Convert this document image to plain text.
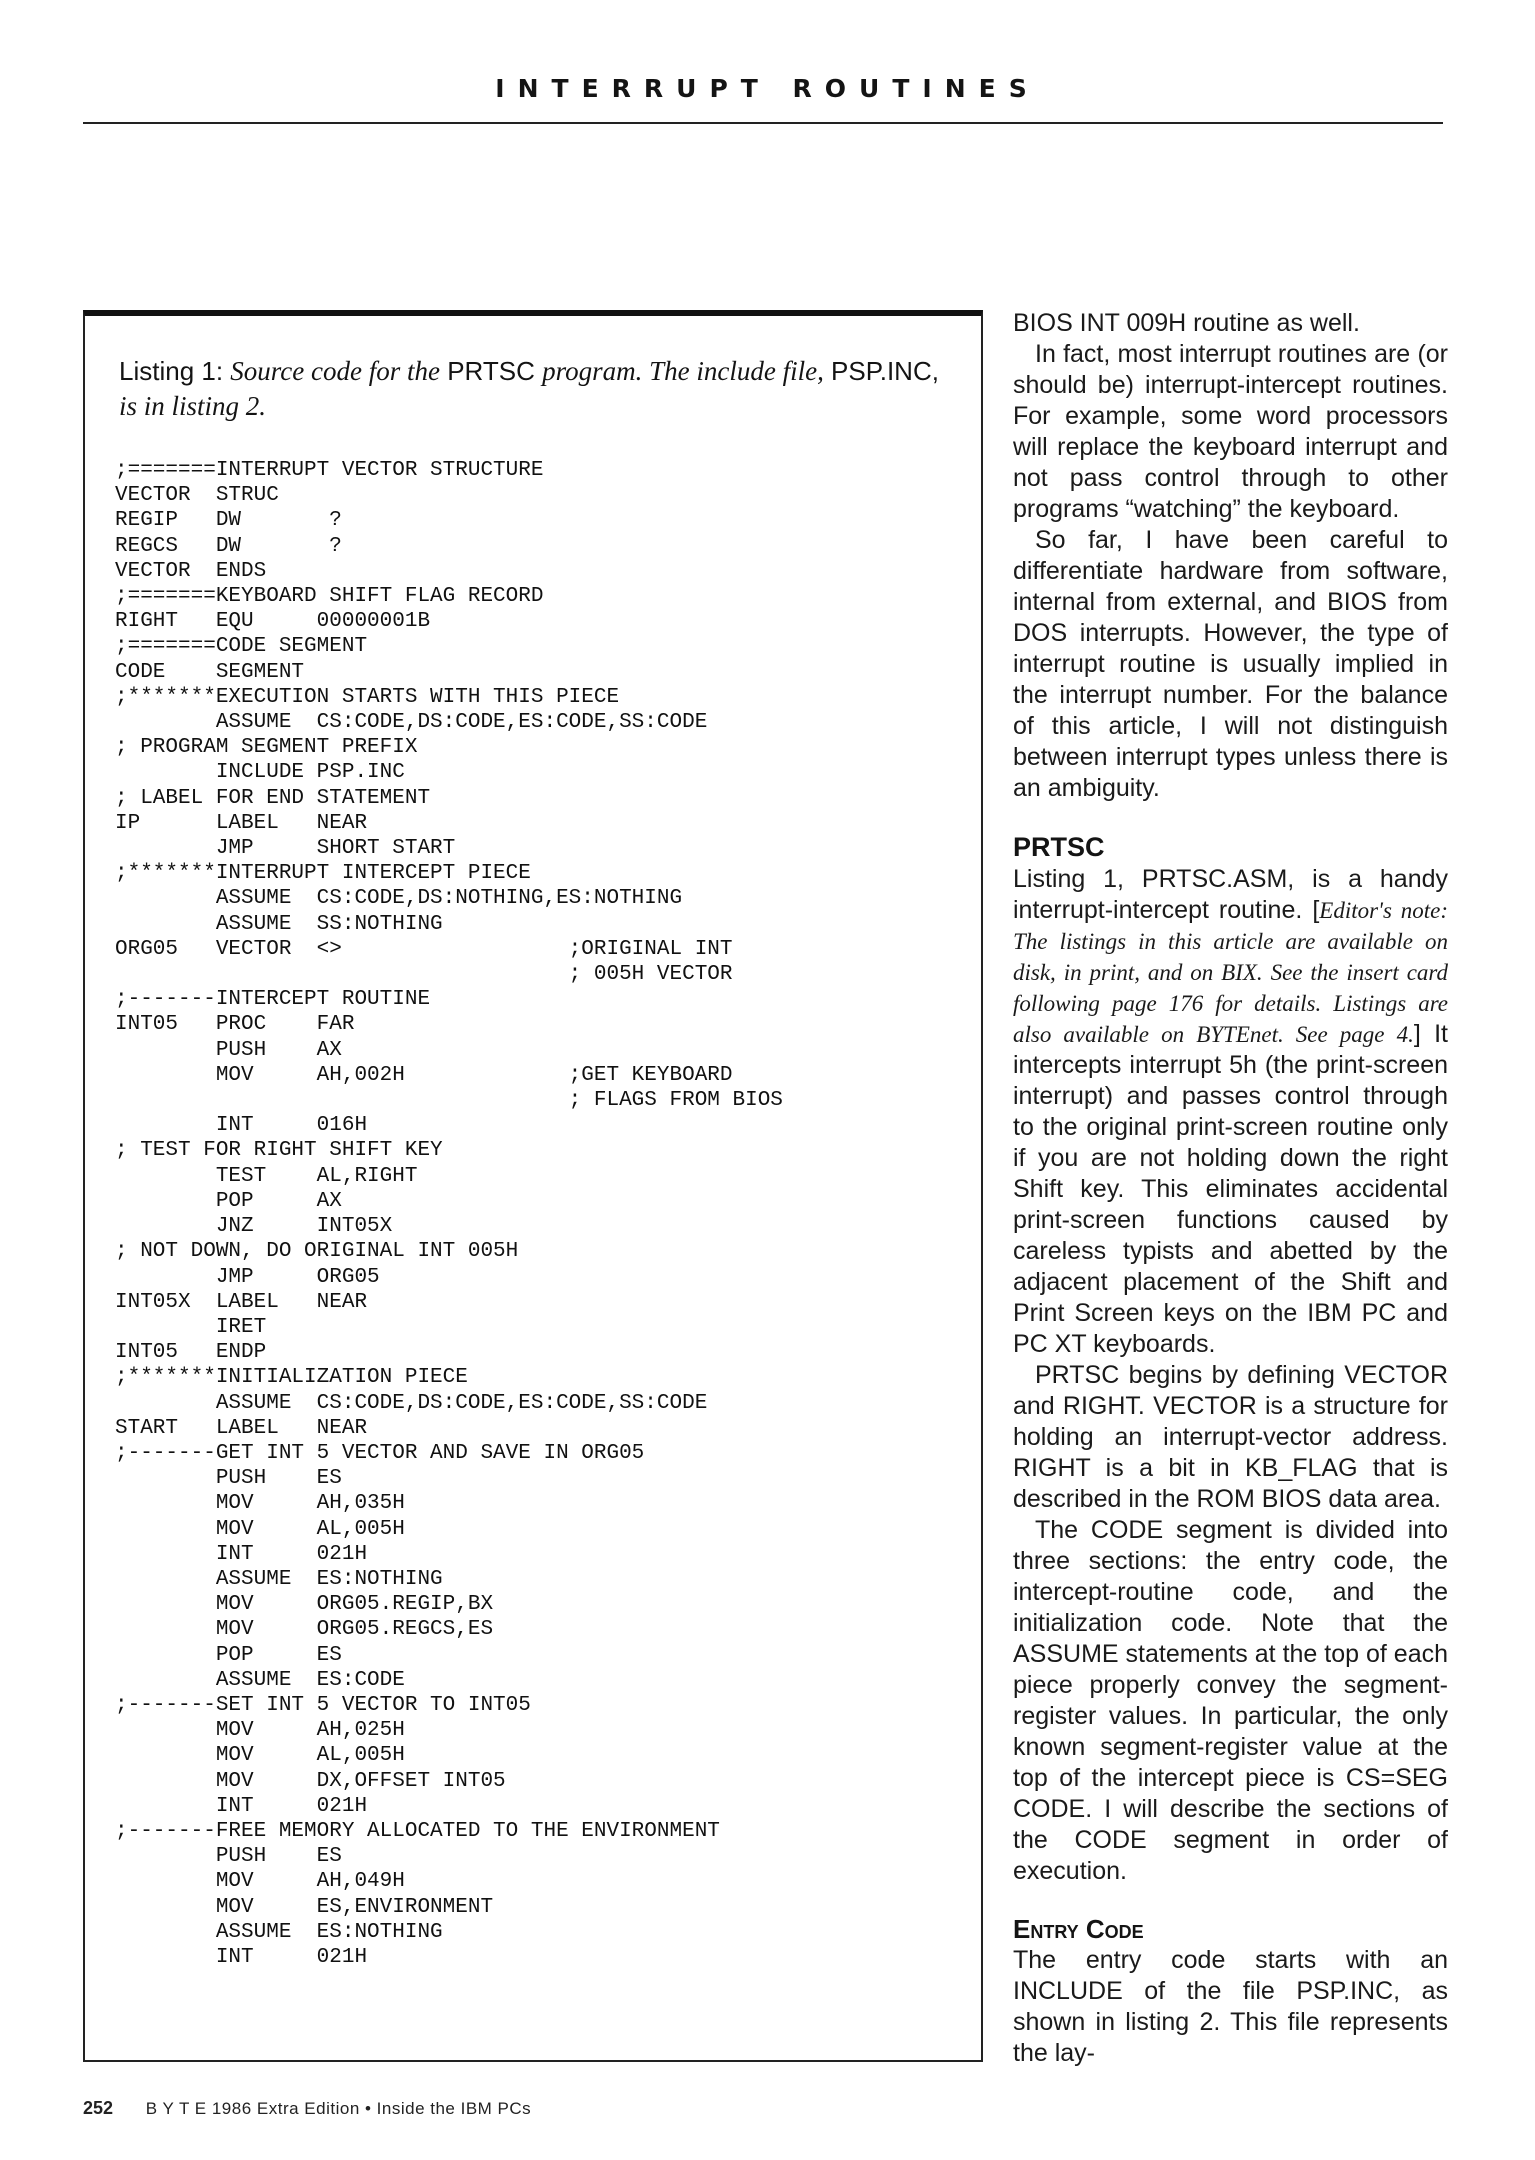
INTERRUPT ROUTINES

Listing 1: Source code for the PRTSC program. The include file, PSP.INC, is in listing 2.

;=======INTERRUPT VECTOR STRUCTURE
VECTOR  STRUC
REGIP   DW       ?
REGCS   DW       ?
VECTOR  ENDS
;=======KEYBOARD SHIFT FLAG RECORD
RIGHT   EQU     00000001B
;=======CODE SEGMENT
CODE    SEGMENT
;*******EXECUTION STARTS WITH THIS PIECE
ASSUME  CS:CODE,DS:CODE,ES:CODE,SS:CODE
; PROGRAM SEGMENT PREFIX
INCLUDE PSP.INC
; LABEL FOR END STATEMENT
IP      LABEL   NEAR
JMP     SHORT START
;*******INTERRUPT INTERCEPT PIECE
ASSUME  CS:CODE,DS:NOTHING,ES:NOTHING
ASSUME  SS:NOTHING
ORG05   VECTOR  <>                  ;ORIGINAL INT
; 005H VECTOR
;-------INTERCEPT ROUTINE
INT05   PROC    FAR
PUSH    AX
MOV     AH,002H             ;GET KEYBOARD
; FLAGS FROM BIOS
INT     016H
; TEST FOR RIGHT SHIFT KEY
TEST    AL,RIGHT
POP     AX
JNZ     INT05X
; NOT DOWN, DO ORIGINAL INT 005H
JMP     ORG05
INT05X  LABEL   NEAR
IRET
INT05   ENDP
;*******INITIALIZATION PIECE
ASSUME  CS:CODE,DS:CODE,ES:CODE,SS:CODE
START   LABEL   NEAR
;-------GET INT 5 VECTOR AND SAVE IN ORG05
PUSH    ES
MOV     AH,035H
MOV     AL,005H
INT     021H
ASSUME  ES:NOTHING
MOV     ORG05.REGIP,BX
MOV     ORG05.REGCS,ES
POP     ES
ASSUME  ES:CODE
;-------SET INT 5 VECTOR TO INT05
MOV     AH,025H
MOV     AL,005H
MOV     DX,OFFSET INT05
INT     021H
;-------FREE MEMORY ALLOCATED TO THE ENVIRONMENT
PUSH    ES
MOV     AH,049H
MOV     ES,ENVIRONMENT
ASSUME  ES:NOTHING
INT     021H

BIOS INT 009H routine as well.

In fact, most interrupt routines are (or should be) interrupt-intercept routines. For example, some word processors will replace the keyboard interrupt and not pass control through to other programs “watching” the keyboard.

So far, I have been careful to differentiate hardware from software, internal from external, and BIOS from DOS interrupts. However, the type of interrupt routine is usually implied in the interrupt number. For the balance of this article, I will not distinguish between interrupt types unless there is an ambiguity.

PRTSC

Listing 1, PRTSC.ASM, is a handy interrupt-intercept routine. [Editor's note: The listings in this article are available on disk, in print, and on BIX. See the insert card following page 176 for details. Listings are also available on BYTEnet. See page 4.] It intercepts interrupt 5h (the print-screen interrupt) and passes control through to the original print-screen routine only if you are not holding down the right Shift key. This eliminates accidental print-screen functions caused by careless typists and abetted by the adjacent placement of the Shift and Print Screen keys on the IBM PC and PC XT keyboards.

PRTSC begins by defining VECTOR and RIGHT. VECTOR is a structure for holding an interrupt-vector address. RIGHT is a bit in KB_FLAG that is described in the ROM BIOS data area.

The CODE segment is divided into three sections: the entry code, the intercept-routine code, and the initialization code. Note that the ASSUME statements at the top of each piece properly convey the segment-register values. In particular, the only known segment-register value at the top of the intercept piece is CS=SEG CODE. I will describe the sections of the CODE segment in order of execution.

Entry Code

The entry code starts with an INCLUDE of the file PSP.INC, as shown in listing 2. This file represents the lay-

252 B Y T E 1986 Extra Edition • Inside the IBM PCs
